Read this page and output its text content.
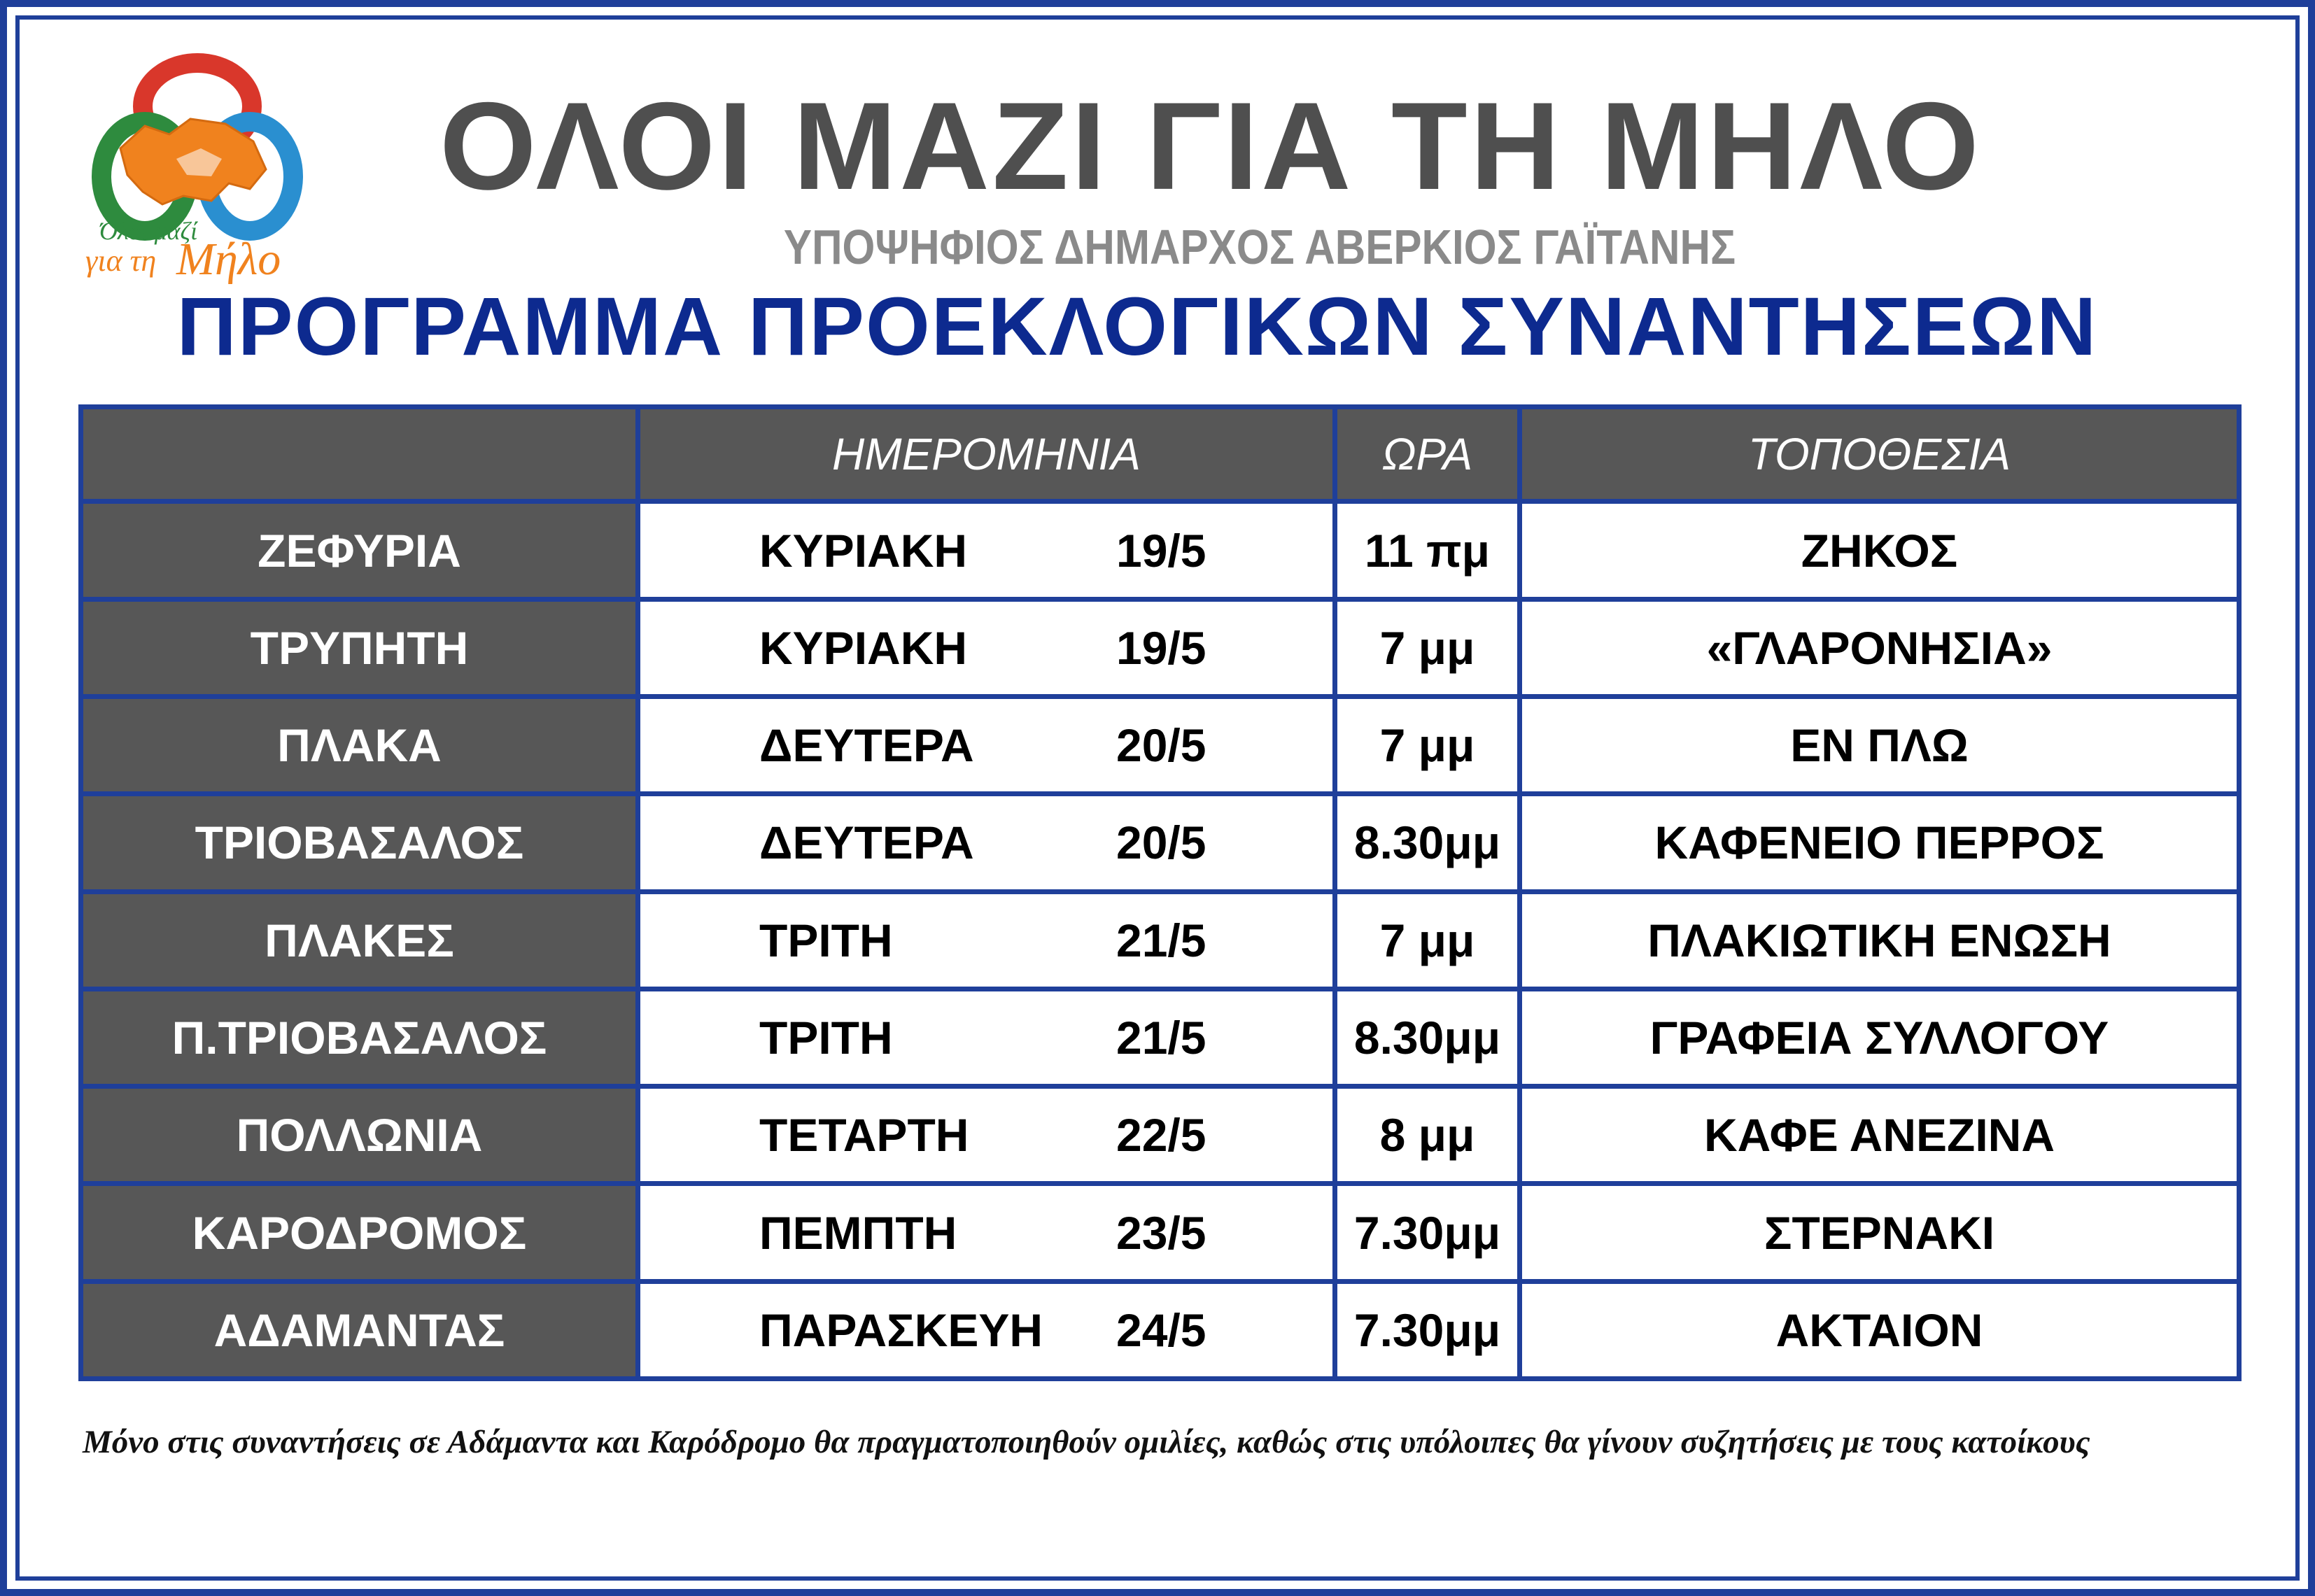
Όλοι μαζί
για τη Μήλο
ΟΛΟΙ ΜΑΖΙ ΓΙΑ ΤΗ ΜΗΛΟ
ΥΠΟΨΗΦΙΟΣ ΔΗΜΑΡΧΟΣ ΑΒΕΡΚΙΟΣ ΓΑΪΤΑΝΗΣ
ΠΡΟΓΡΑΜΜΑ ΠΡΟΕΚΛΟΓΙΚΩΝ ΣΥΝΑΝΤΗΣΕΩΝ
	ΗΜΕΡΟΜΗΝΙΑ	ΩΡΑ	ΤΟΠΟΘΕΣΙΑ
ΖΕΦΥΡΙΑ	ΚΥΡΙΑΚΗ 19/5	11 πμ	ΖΗΚΟΣ
ΤΡΥΠΗΤΗ	ΚΥΡΙΑΚΗ 19/5	7 μμ	«ΓΛΑΡΟΝΗΣΙΑ»
ΠΛΑΚΑ	ΔΕΥΤΕΡΑ 20/5	7 μμ	ΕΝ ΠΛΩ
ΤΡΙΟΒΑΣΑΛΟΣ	ΔΕΥΤΕΡΑ 20/5	8.30μμ	ΚΑΦΕΝΕΙΟ ΠΕΡΡΟΣ
ΠΛΑΚΕΣ	ΤΡΙΤΗ 21/5	7 μμ	ΠΛΑΚΙΩΤΙΚΗ ΕΝΩΣΗ
Π.ΤΡΙΟΒΑΣΑΛΟΣ	ΤΡΙΤΗ 21/5	8.30μμ	ΓΡΑΦΕΙΑ ΣΥΛΛΟΓΟΥ
ΠΟΛΛΩΝΙΑ	ΤΕΤΑΡΤΗ 22/5	8 μμ	ΚΑΦΕ ΑΝΕΖΙΝΑ
ΚΑΡΟΔΡΟΜΟΣ	ΠΕΜΠΤΗ 23/5	7.30μμ	ΣΤΕΡΝΑΚΙ
ΑΔΑΜΑΝΤΑΣ	ΠΑΡΑΣΚΕΥΗ 24/5	7.30μμ	ΑΚΤΑΙΟΝ
Μόνο στις συναντήσεις σε Αδάμαντα και Καρόδρομο θα πραγματοποιηθούν ομιλίες, καθώς στις υπόλοιπες θα γίνουν συζητήσεις με τους κατοίκους
